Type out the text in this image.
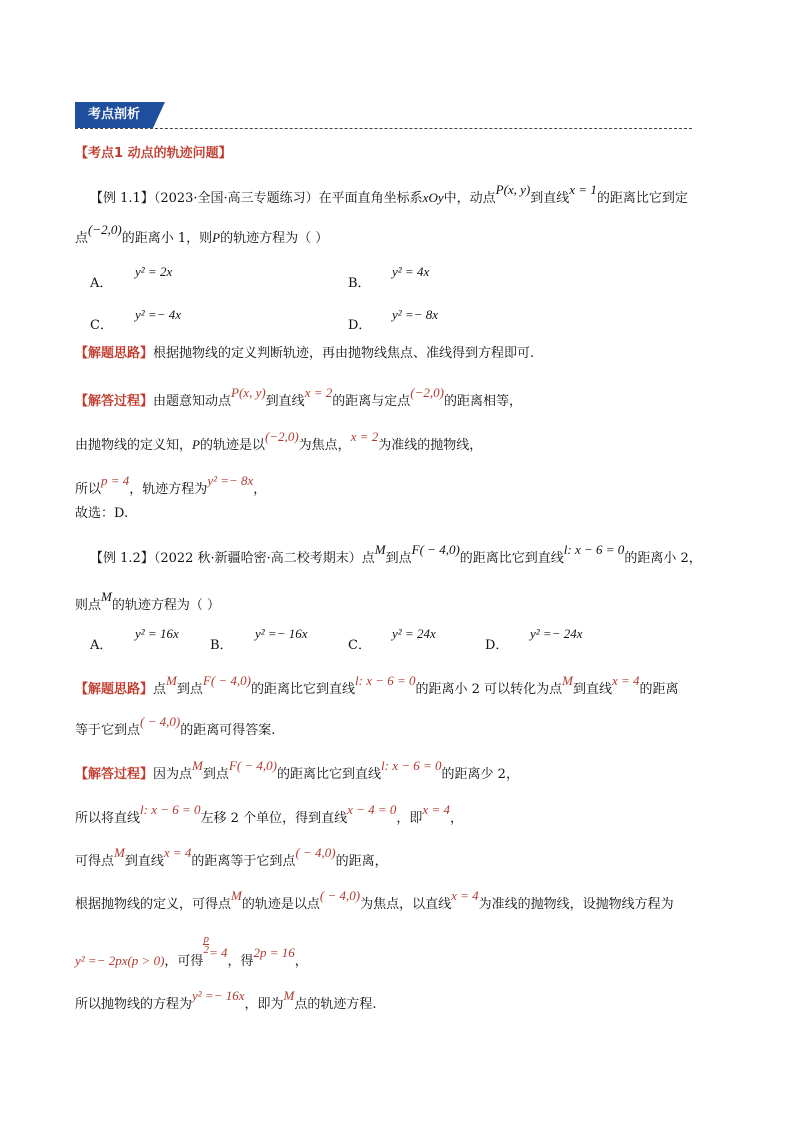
考点剖析
【考点1 动点的轨迹问题】
【例 1.1】（2023·全国·高三专题练习）在平面直角坐标系xOy中，动点P(x, y)到直线x = 1的距离比它到定
点(−2,0)的距离小 1，则P的轨迹方程为（ ）
A．
y² = 2x
B．
y² = 4x
C．
y² =− 4x
D．
y² =− 8x
【解题思路】根据抛物线的定义判断轨迹，再由抛物线焦点、准线得到方程即可.
【解答过程】由题意知动点P(x, y)到直线x = 2的距离与定点(−2,0)的距离相等，
由抛物线的定义知，P的轨迹是以(−2,0)为焦点，x = 2为准线的抛物线，
所以p = 4，轨迹方程为y² =− 8x，
故选：D.
【例 1.2】（2022 秋·新疆哈密·高二校考期末）点M到点F( − 4,0)的距离比它到直线l: x − 6 = 0的距离小 2，
则点M的轨迹方程为（ ）
A．
y² = 16x
B．
y² =− 16x
C．
y² = 24x
D．
y² =− 24x
【解题思路】点M到点F( − 4,0)的距离比它到直线l: x − 6 = 0的距离小 2 可以转化为点M到直线x = 4的距离
等于它到点( − 4,0)的距离可得答案.
【解答过程】因为点M到点F( − 4,0)的距离比它到直线l: x − 6 = 0的距离少 2，
所以将直线l: x − 6 = 0左移 2 个单位，得到直线x − 4 = 0，即x = 4，
可得点M到直线x = 4的距离等于它到点( − 4,0)的距离，
根据抛物线的定义，可得点M的轨迹是以点( − 4,0)为焦点，以直线x = 4为准线的抛物线，设抛物线方程为
y² =− 2px(p > 0)，可得
$\frac{p}{2} = 4$，得2p = 16，
所以抛物线的方程为y² =− 16x，即为M点的轨迹方程.
